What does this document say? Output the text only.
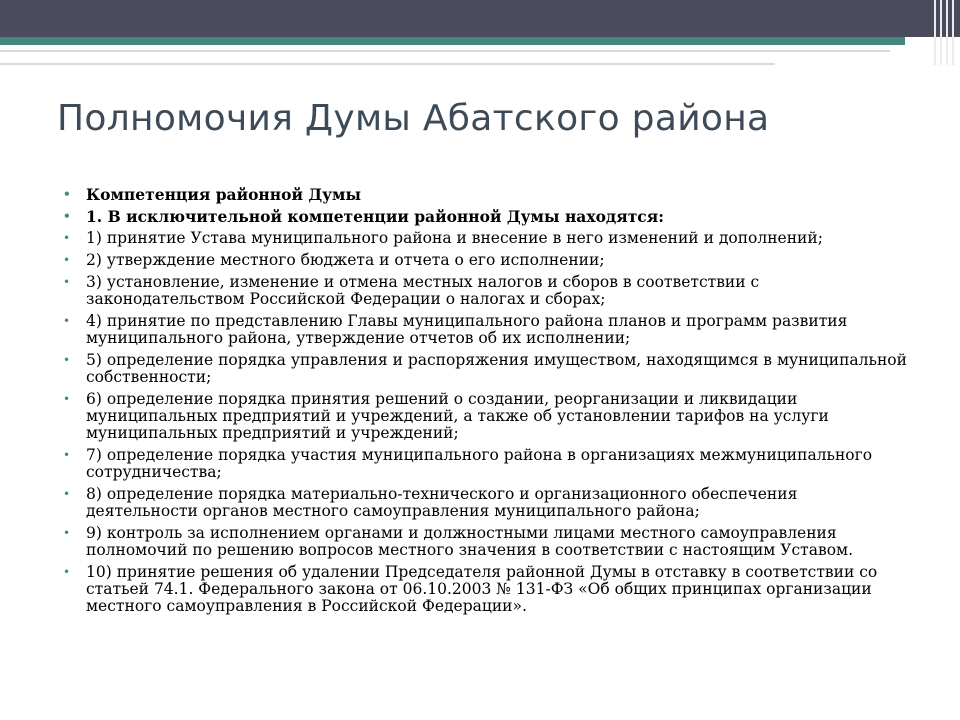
Полномочия Думы Абатского района
• Компетенция районной Думы
• 1. В исключительной компетенции районной Думы находятся:
• 1) принятие Устава муниципального района и внесение в него изменений и дополнений;
• 2) утверждение местного бюджета и отчета о его исполнении;
• 3) установление, изменение и отмена местных налогов и сборов в соответствии с законодательством Российской Федерации о налогах и сборах;
• 4) принятие по представлению Главы муниципального района планов и программ развития муниципального района, утверждение отчетов об их исполнении;
• 5) определение порядка управления и распоряжения имуществом, находящимся в муниципальной собственности;
• 6) определение порядка принятия решений о создании, реорганизации и ликвидации муниципальных предприятий и учреждений, а также об установлении тарифов на услуги муниципальных предприятий и учреждений;
• 7) определение порядка участия муниципального района в организациях межмуниципального сотрудничества;
• 8) определение порядка материально-технического и организационного обеспечения деятельности органов местного самоуправления муниципального района;
• 9) контроль за исполнением органами и должностными лицами местного самоуправления полномочий по решению вопросов местного значения в соответствии с настоящим Уставом.
• 10) принятие решения об удалении Председателя районной Думы в отставку в соответствии со статьей 74.1. Федерального закона от 06.10.2003 № 131-ФЗ «Об общих принципах организации местного самоуправления в Российской Федерации».
